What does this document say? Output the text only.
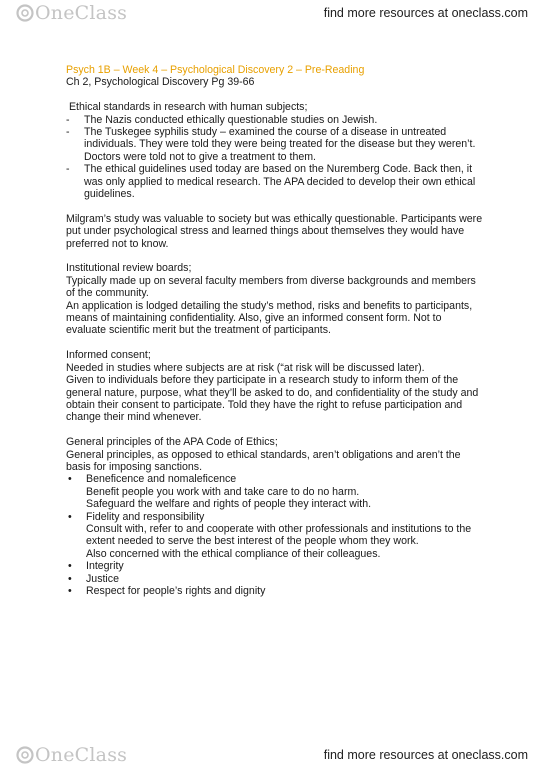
OneClass	find more resources at oneclass.com

Psych 1B – Week 4 – Psychological Discovery 2 – Pre-Reading

Ch 2, Psychological Discovery Pg 39-66

Ethical standards in research with human subjects;

- The Nazis conducted ethically questionable studies on Jewish.
- The Tuskegee syphilis study – examined the course of a disease in untreated individuals. They were told they were being treated for the disease but they weren’t. Doctors were told not to give a treatment to them.
- The ethical guidelines used today are based on the Nuremberg Code. Back then, it was only applied to medical research. The APA decided to develop their own ethical guidelines.

Milgram’s study was valuable to society but was ethically questionable. Participants were put under psychological stress and learned things about themselves they would have preferred not to know.

Institutional review boards;

Typically made up on several faculty members from diverse backgrounds and members of the community.

An application is lodged detailing the study’s method, risks and benefits to participants, means of maintaining confidentiality. Also, give an informed consent form. Not to evaluate scientific merit but the treatment of participants.

Informed consent;

Needed in studies where subjects are at risk (“at risk will be discussed later).

Given to individuals before they participate in a research study to inform them of the general nature, purpose, what they’ll be asked to do, and confidentiality of the study and obtain their consent to participate. Told they have the right to refuse participation and change their mind whenever.

General principles of the APA Code of Ethics;

General principles, as opposed to ethical standards, aren’t obligations and aren’t the basis for imposing sanctions.

• Beneficence and nomaleficence
Benefit people you work with and take care to do no harm.
Safeguard the welfare and rights of people they interact with.
• Fidelity and responsibility
Consult with, refer to and cooperate with other professionals and institutions to the extent needed to serve the best interest of the people whom they work.
Also concerned with the ethical compliance of their colleagues.
• Integrity
• Justice
• Respect for people’s rights and dignity
OneClass	find more resources at oneclass.com
